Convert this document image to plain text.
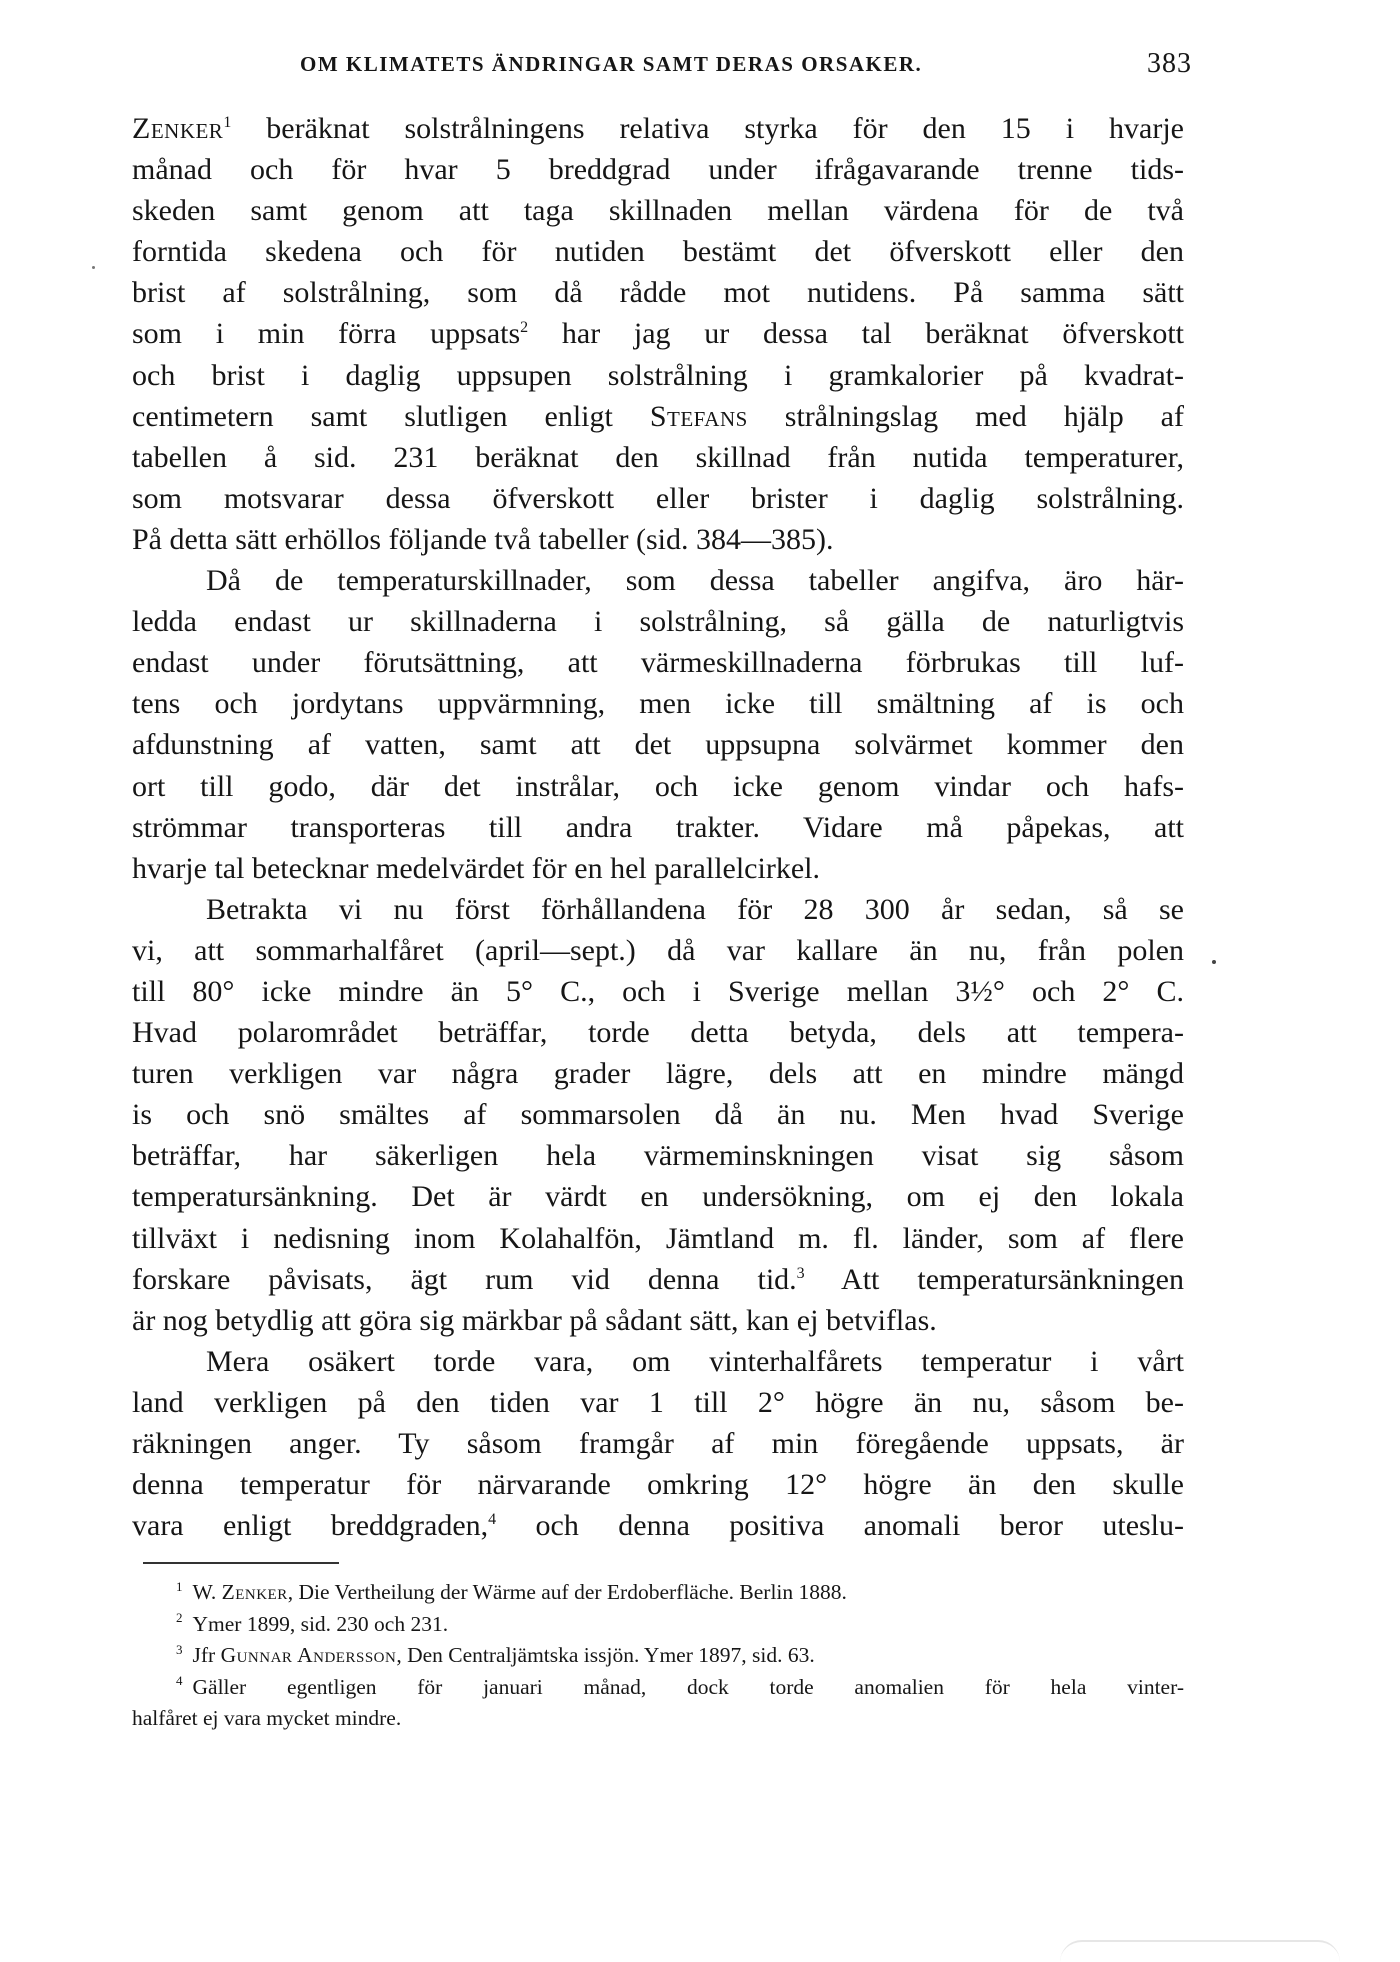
OM KLIMATETS ÄNDRINGAR SAMT DERAS ORSAKER.	383
Zenker$^1$ beräknat solstrålningens relativa styrka för den 15 i hvarje
månad och för hvar 5 breddgrad under ifrågavarande trenne tids-
skeden samt genom att taga skillnaden mellan värdena för de två
forntida skedena och för nutiden bestämt det öfverskott eller den
brist af solstrålning, som då rådde mot nutidens. På samma sätt
som i min förra uppsats$^2$ har jag ur dessa tal beräknat öfverskott
och brist i daglig uppsupen solstrålning i gramkalorier på kvadrat-
centimetern samt slutligen enligt Stefans strålningslag med hjälp af
tabellen å sid. 231 beräknat den skillnad från nutida temperaturer,
som motsvarar dessa öfverskott eller brister i daglig solstrålning.
På detta sätt erhöllos följande två tabeller (sid. 384—385).
Då de temperaturskillnader, som dessa tabeller angifva, äro här-
ledda endast ur skillnaderna i solstrålning, så gälla de naturligtvis
endast under förutsättning, att värmeskillnaderna förbrukas till luf-
tens och jordytans uppvärmning, men icke till smältning af is och
afdunstning af vatten, samt att det uppsupna solvärmet kommer den
ort till godo, där det instrålar, och icke genom vindar och hafs-
strömmar transporteras till andra trakter. Vidare må påpekas, att
hvarje tal betecknar medelvärdet för en hel parallelcirkel.
Betrakta vi nu först förhållandena för 28 300 år sedan, så se
vi, att sommarhalfåret (april—sept.) då var kallare än nu, från polen
till 80° icke mindre än 5° C., och i Sverige mellan 3½° och 2° C.
Hvad polarområdet beträffar, torde detta betyda, dels att tempera-
turen verkligen var några grader lägre, dels att en mindre mängd
is och snö smältes af sommarsolen då än nu. Men hvad Sverige
beträffar, har säkerligen hela värmeminskningen visat sig såsom
temperatursänkning. Det är värdt en undersökning, om ej den lokala
tillväxt i nedisning inom Kolahalfön, Jämtland m. fl. länder, som af flere
forskare påvisats, ägt rum vid denna tid.$^3$ Att temperatursänkningen
är nog betydlig att göra sig märkbar på sådant sätt, kan ej betviflas.
Mera osäkert torde vara, om vinterhalfårets temperatur i vårt
land verkligen på den tiden var 1 till 2° högre än nu, såsom be-
räkningen anger. Ty såsom framgår af min föregående uppsats, är
denna temperatur för närvarande omkring 12° högre än den skulle
vara enligt breddgraden,$^4$ och denna positiva anomali beror uteslu-
$^1$ W. Zenker, Die Vertheilung der Wärme auf der Erdoberfläche. Berlin 1888.
$^2$ Ymer 1899, sid. 230 och 231.
$^3$ Jfr Gunnar Andersson, Den Centraljämtska issjön. Ymer 1897, sid. 63.
$^4$ Gäller egentligen för januari månad, dock torde anomalien för hela vinter-
halfåret ej vara mycket mindre.
